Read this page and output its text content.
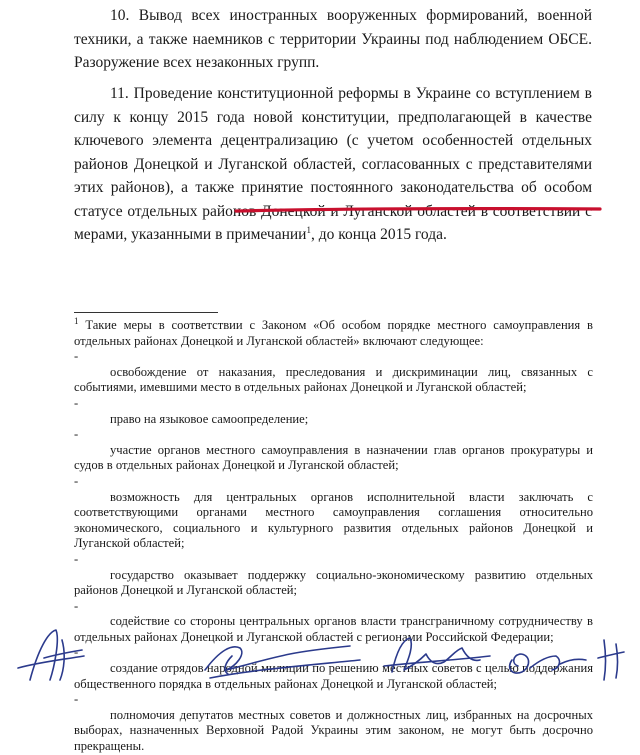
10. Вывод всех иностранных вооруженных формирований, военной техники, а также наемников с территории Украины под наблюдением ОБСЕ. Разоружение всех незаконных групп.

11. Проведение конституционной реформы в Украине со вступлением в силу к концу 2015 года новой конституции, предполагающей в качестве ключевого элемента децентрализацию (с учетом особенностей отдельных районов Донецкой и Луганской областей, согласованных с представителями этих районов), а также принятие постоянного законодательства об особом статусе отдельных районов Донецкой и Луганской областей в соответствии с мерами, указанными в примечании$^1$, до конца 2015 года.

$^1$ Такие меры в соответствии с Законом «Об особом порядке местного самоуправления в отдельных районах Донецкой и Луганской областей» включают следующее:

-

освобождение от наказания, преследования и дискриминации лиц, связанных с событиями, имевшими место в отдельных районах Донецкой и Луганской областей;

-

право на языковое самоопределение;

-

участие органов местного самоуправления в назначении глав органов прокуратуры и судов в отдельных районах Донецкой и Луганской областей;

-

возможность для центральных органов исполнительной власти заключать с соответствующими органами местного самоуправления соглашения относительно экономического, социального и культурного развития отдельных районов Донецкой и Луганской областей;

-

государство оказывает поддержку социально-экономическому развитию отдельных районов Донецкой и Луганской областей;

-

содействие со стороны центральных органов власти трансграничному сотрудничеству в отдельных районах Донецкой и Луганской областей с регионами Российской Федерации;

-

создание отрядов народной милиции по решению местных советов с целью поддержания общественного порядка в отдельных районах Донецкой и Луганской областей;

-

полномочия депутатов местных советов и должностных лиц, избранных на досрочных выборах, назначенных Верховной Радой Украины этим законом, не могут быть досрочно прекращены.
